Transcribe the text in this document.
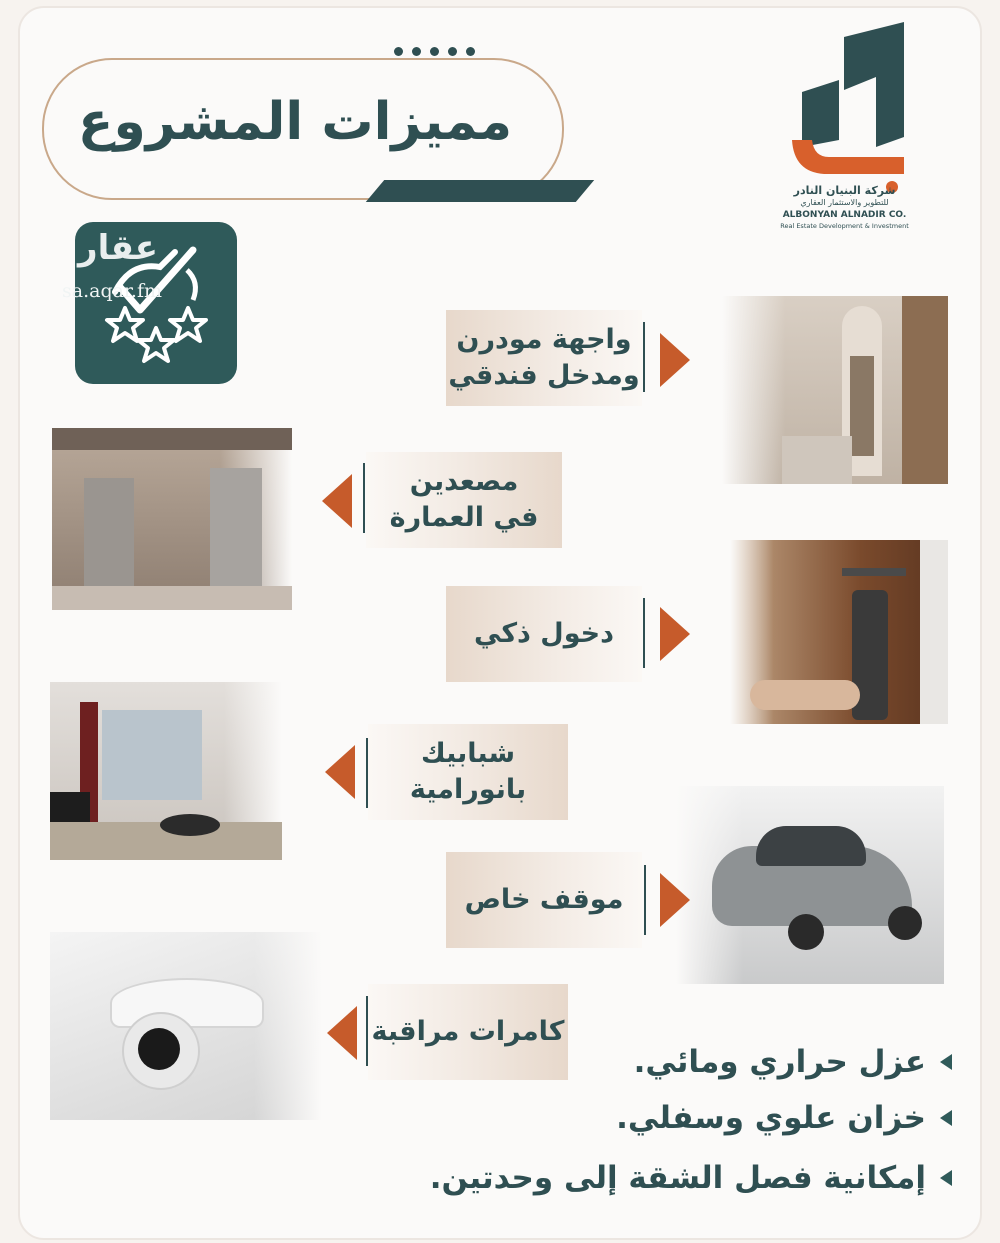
مميزات المشروع
شركة البنيان النادر
للتطوير والاستثمار العقاري
ALBONYAN ALNADIR CO.
Real Estate Development & Investment
عقار
sa.aqar.fm
واجهة مودرن
ومدخل فندقي
مصعدين
في العمارة
دخول ذكي
شبابيك بانورامية
موقف خاص
كامرات مراقبة
عزل حراري ومائي.
خزان علوي وسفلي.
إمكانية فصل الشقة إلى وحدتين.
